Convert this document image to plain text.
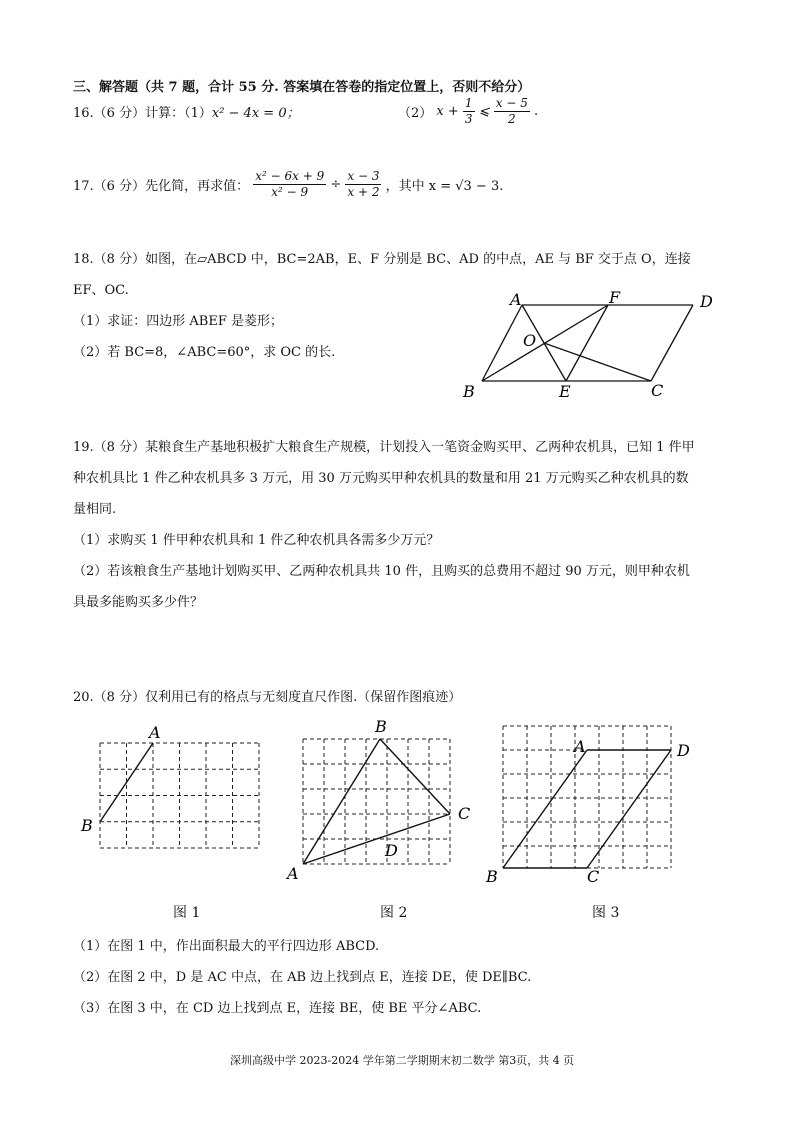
三、解答题（共 7 题，合计 55 分. 答案填在答卷的指定位置上，否则不给分）
16.（6 分）计算：（1）x² − 4x = 0；	（2） $x + \frac{1}{3}$ ⩽ $\frac{x - 5}{2}$ .
17.（6 分）先化简，再求值： $\frac{\text{x² − 6x + 9}}{\text{x² − 9}} \div \frac{x - 3}{x + 2}$ ，其中 x = √3 − 3.
18.（8 分）如图，在▱ABCD 中，BC=2AB，E、F 分别是 BC、AD 的中点，AE 与 BF 交于点 O，连接
EF、OC.
（1）求证：四边形 ABEF 是菱形；
（2）若 BC=8，∠ABC=60°，求 OC 的长.
A	F	D
O
B	E	C
19.（8 分）某粮食生产基地积极扩大粮食生产规模，计划投入一笔资金购买甲、乙两种农机具，已知 1 件甲
种农机具比 1 件乙种农机具多 3 万元，用 30 万元购买甲种农机具的数量和用 21 万元购买乙种农机具的数
量相同.
（1）求购买 1 件甲种农机具和 1 件乙种农机具各需多少万元？
（2）若该粮食生产基地计划购买甲、乙两种农机具共 10 件，且购买的总费用不超过 90 万元，则甲种农机
具最多能购买多少件？
20.（8 分）仅利用已有的格点与无刻度直尺作图.（保留作图痕迹）
A
B
图 1
B
C
D
A
图 2
A	D
B	C
图 3
（1）在图 1 中，作出面积最大的平行四边形 ABCD.
（2）在图 2 中，D 是 AC 中点，在 AB 边上找到点 E，连接 DE，使 DE∥BC.
（3）在图 3 中，在 CD 边上找到点 E，连接 BE，使 BE 平分∠ABC.
深圳高级中学 2023-2024 学年第二学期期末初二数学 第3页，共 4 页
